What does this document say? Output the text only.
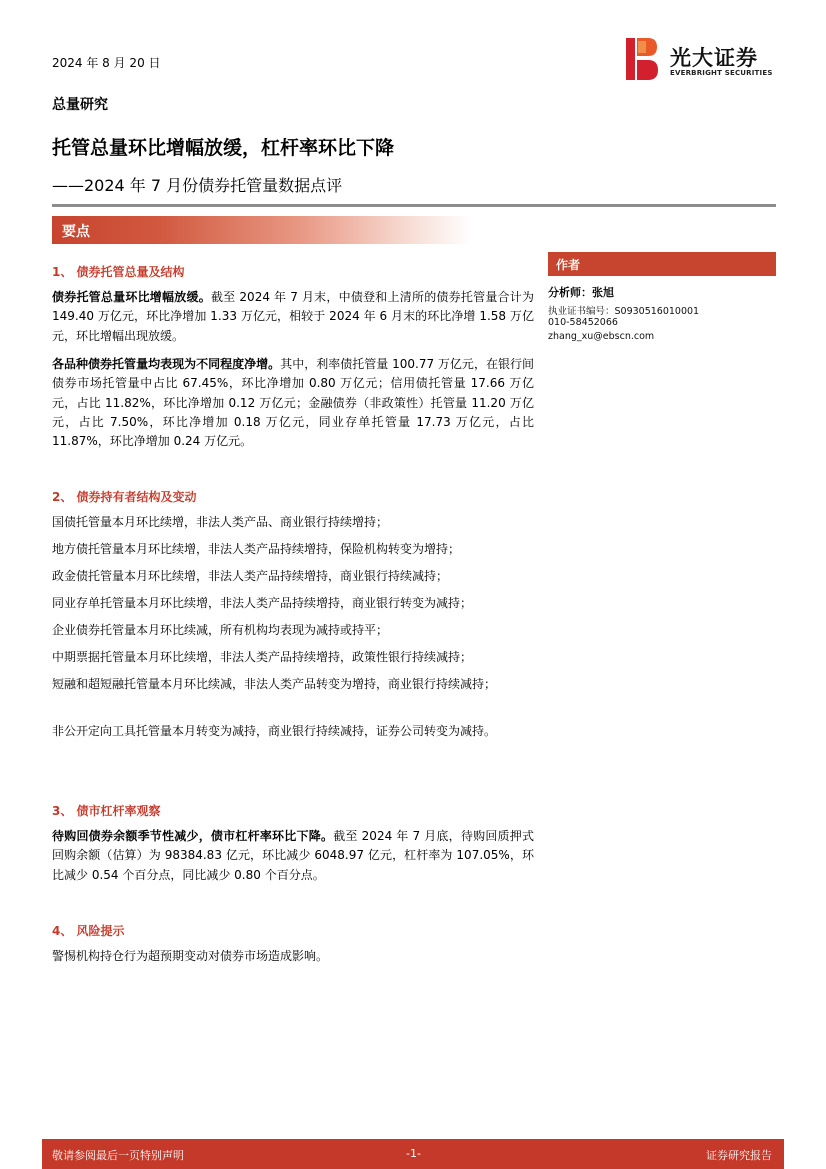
2024 年 8 月 20 日	光大证券
EVERBRIGHT SECURITIES
总量研究
托管总量环比增幅放缓，杠杆率环比下降
——2024 年 7 月份债券托管量数据点评
要点
1、 债券托管总量及结构
债券托管总量环比增幅放缓。截至 2024 年 7 月末，中债登和上清所的债券托管量合计为 149.40 万亿元，环比净增加 1.33 万亿元，相较于 2024 年 6 月末的环比净增 1.58 万亿元，环比增幅出现放缓。
各品种债券托管量均表现为不同程度净增。其中，利率债托管量 100.77 万亿元，在银行间债券市场托管量中占比 67.45%，环比净增加 0.80 万亿元；信用债托管量 17.66 万亿元，占比 11.82%，环比净增加 0.12 万亿元；金融债券（非政策性）托管量 11.20 万亿元，占比 7.50%，环比净增加 0.18 万亿元，同业存单托管量 17.73 万亿元，占比 11.87%，环比净增加 0.24 万亿元。
2、 债券持有者结构及变动
国债托管量本月环比续增，非法人类产品、商业银行持续增持；
地方债托管量本月环比续增，非法人类产品持续增持，保险机构转变为增持；
政金债托管量本月环比续增，非法人类产品持续增持，商业银行持续减持；
同业存单托管量本月环比续增，非法人类产品持续增持，商业银行转变为减持；
企业债券托管量本月环比续减，所有机构均表现为减持或持平；
中期票据托管量本月环比续增，非法人类产品持续增持，政策性银行持续减持；
短融和超短融托管量本月环比续减，非法人类产品转变为增持，商业银行持续减持；
非公开定向工具托管量本月转变为减持，商业银行持续减持，证券公司转变为减持。
3、 债市杠杆率观察
待购回债券余额季节性减少，债市杠杆率环比下降。截至 2024 年 7 月底，待购回质押式回购余额（估算）为 98384.83 亿元，环比减少 6048.97 亿元，杠杆率为 107.05%，环比减少 0.54 个百分点，同比减少 0.80 个百分点。
4、 风险提示
警惕机构持仓行为超预期变动对债券市场造成影响。
作者
分析师：张旭
执业证书编号：S0930516010001
010-58452066
zhang_xu@ebscn.com
敬请参阅最后一页特别声明	-1-	证券研究报告
